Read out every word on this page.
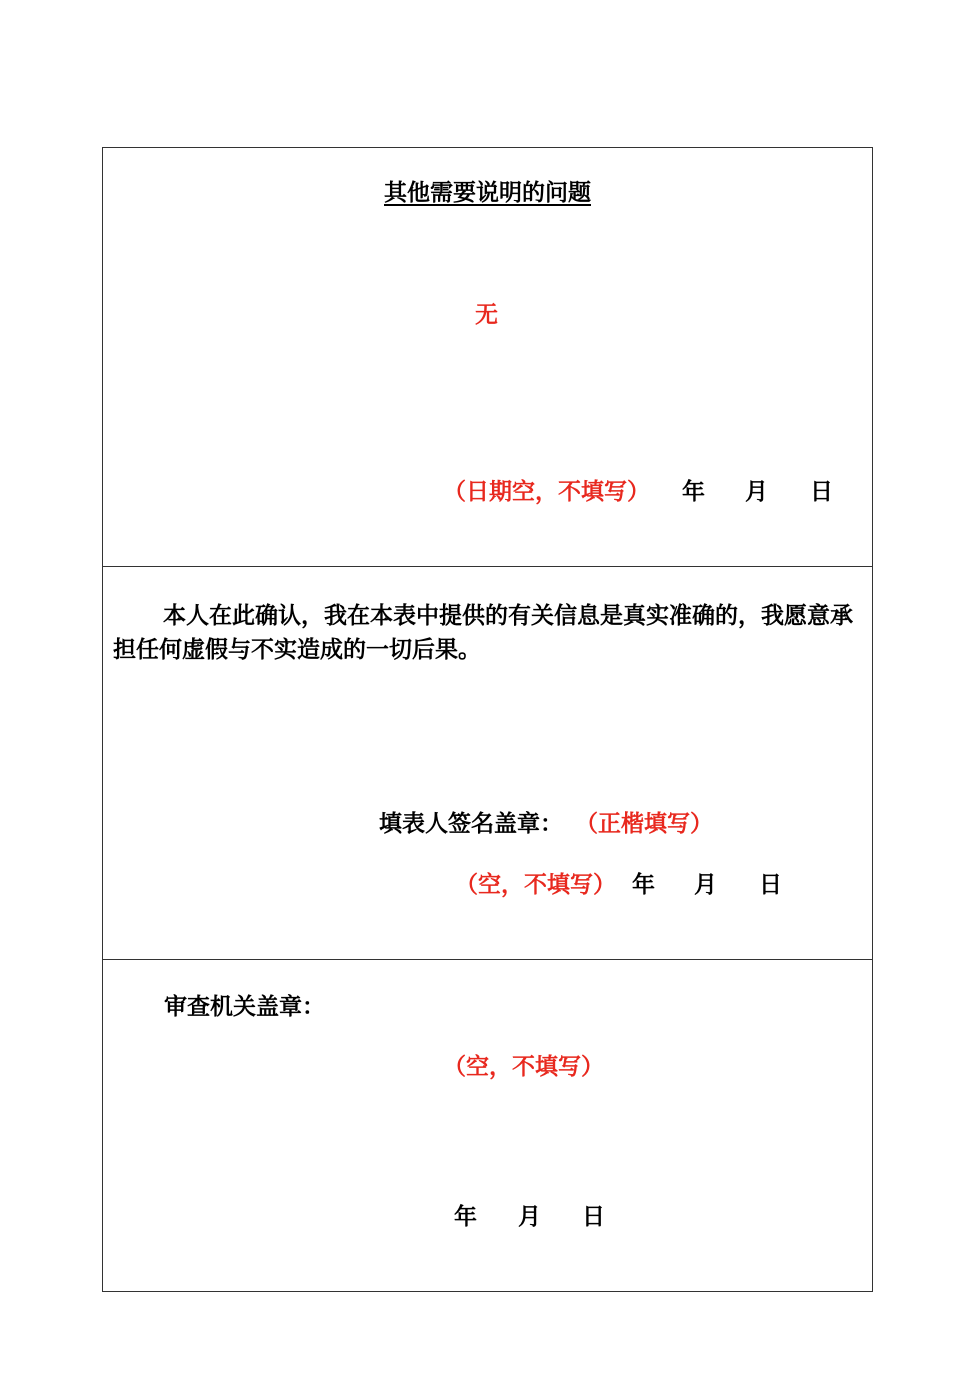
其他需要说明的问题
无
（日期空，不填写） 年 月 日
本人在此确认，我在本表中提供的有关信息是真实准确的，我愿意承担任何虚假与不实造成的一切后果。
填表人签名盖章： （正楷填写）
（空，不填写） 年 月 日
审查机关盖章：
（空，不填写）
年 月 日
